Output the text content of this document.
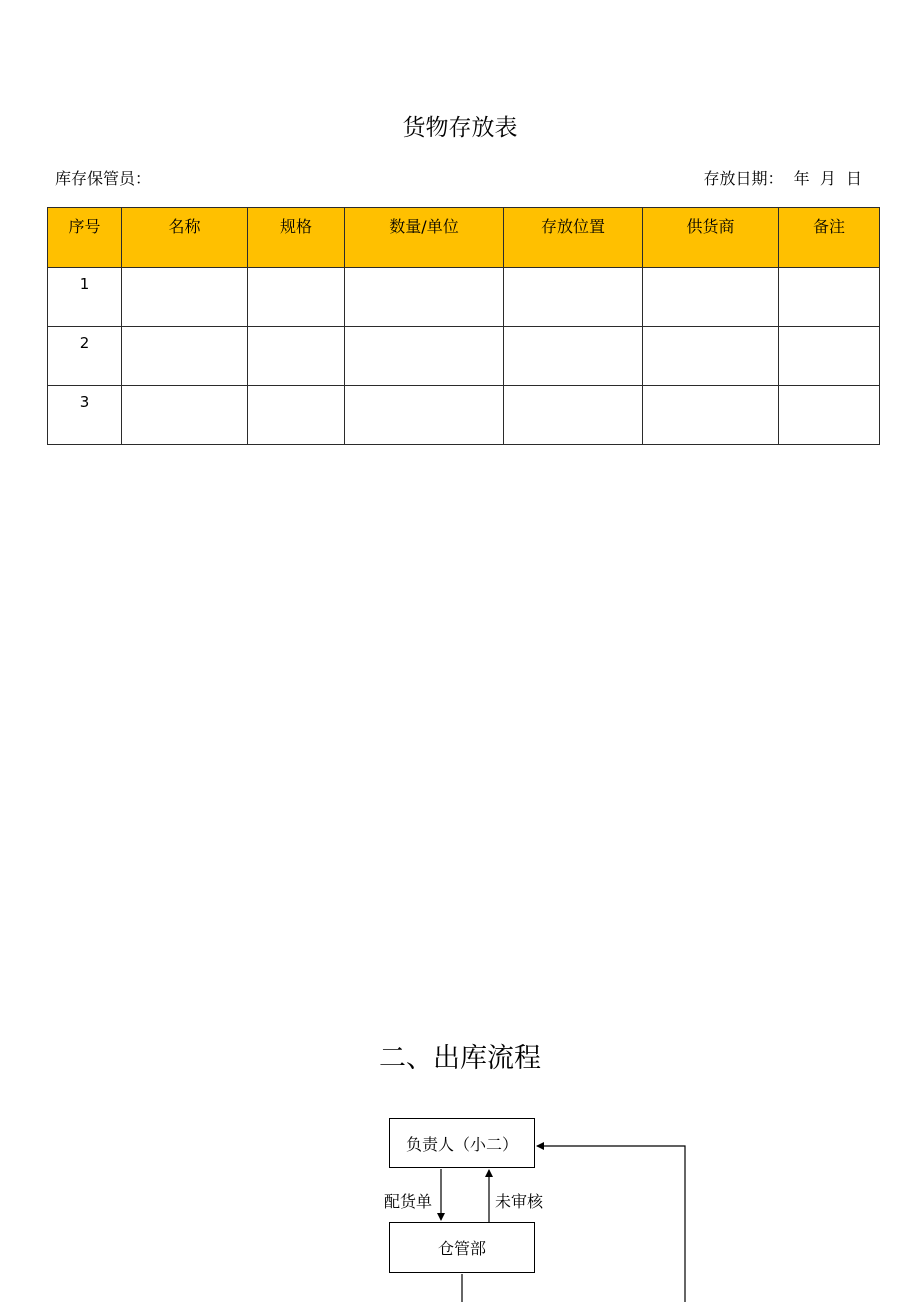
货物存放表
库存保管员：	存放日期：  年  月  日
序号	名称	规格	数量/单位	存放位置	供货商	备注
1						
2						
3						
二、出库流程
负责人（小二）
配货单	未审核
仓管部
